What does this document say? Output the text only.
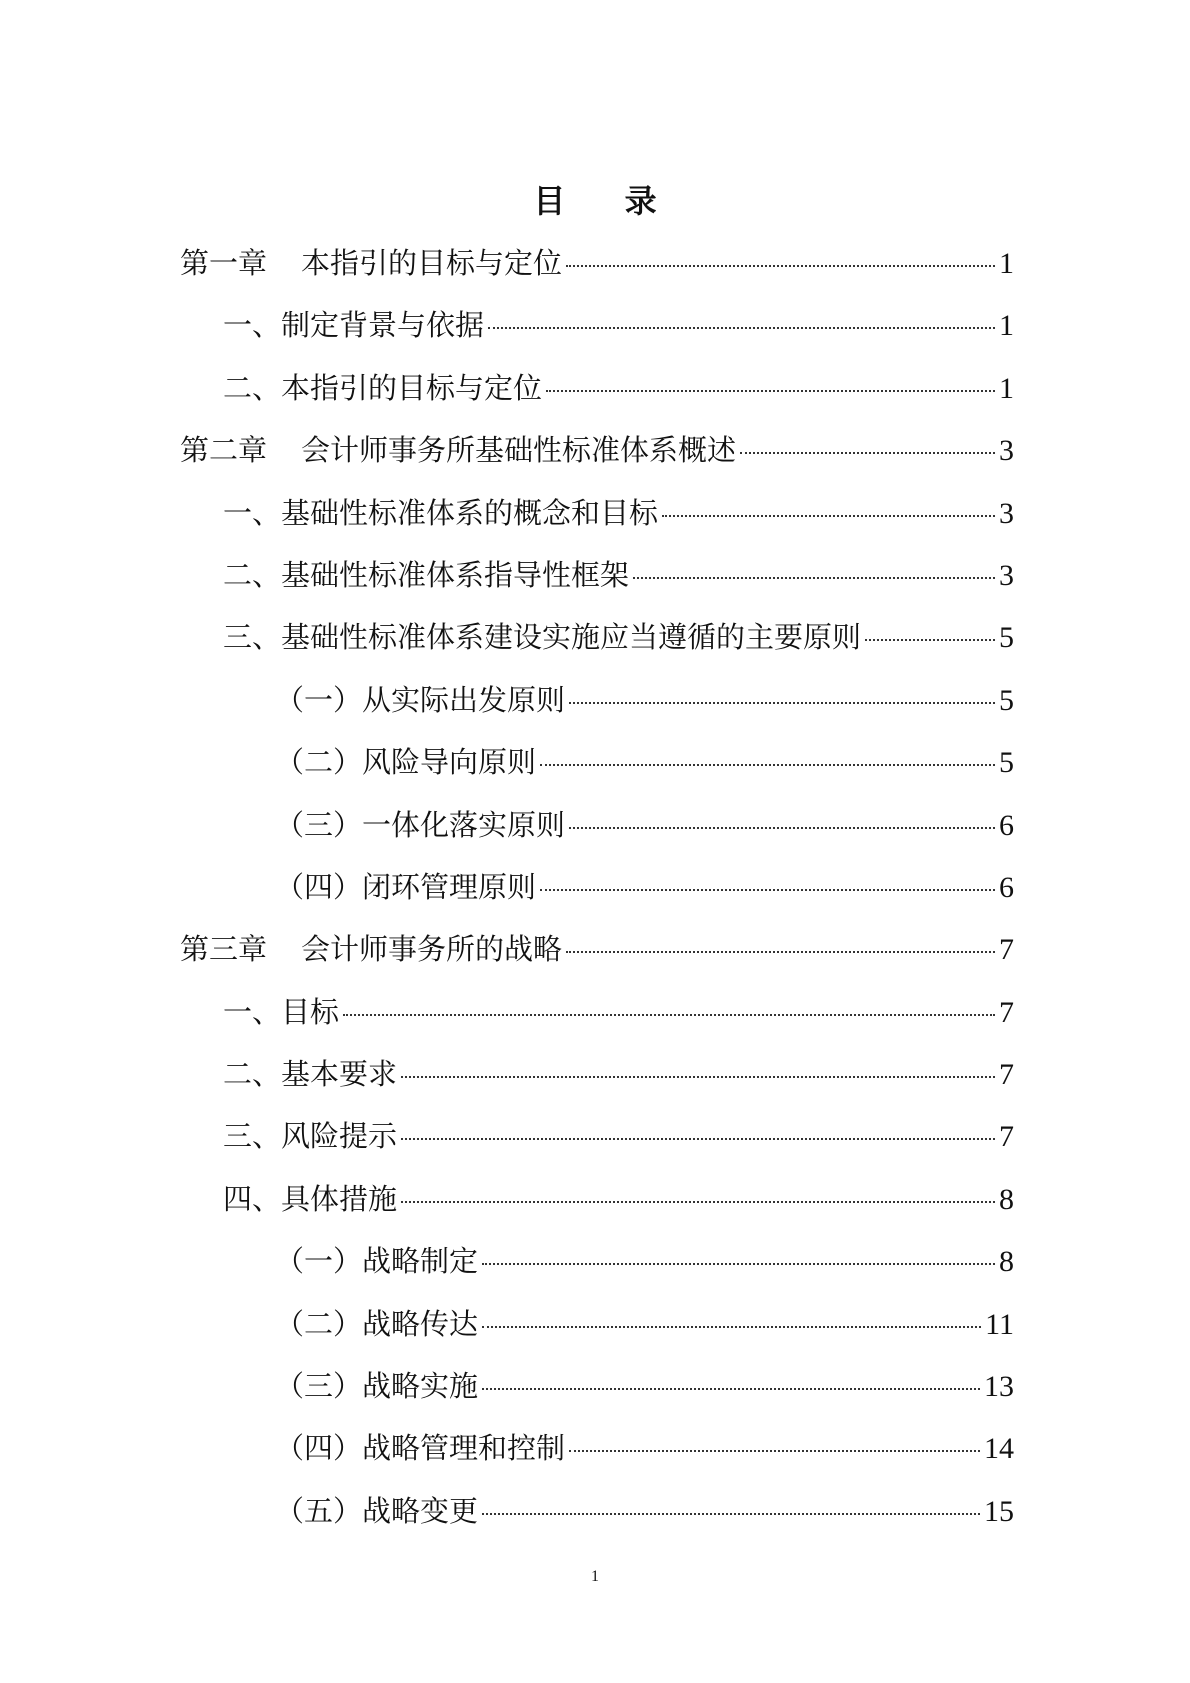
目 录
第一章 本指引的目标与定位	1
一、制定背景与依据	1
二、本指引的目标与定位	1
第二章 会计师事务所基础性标准体系概述	3
一、基础性标准体系的概念和目标	3
二、基础性标准体系指导性框架	3
三、基础性标准体系建设实施应当遵循的主要原则	5
（一）从实际出发原则	5
（二）风险导向原则	5
（三）一体化落实原则	6
（四）闭环管理原则	6
第三章 会计师事务所的战略	7
一、目标	7
二、基本要求	7
三、风险提示	7
四、具体措施	8
（一）战略制定	8
（二）战略传达	11
（三）战略实施	13
（四）战略管理和控制	14
（五）战略变更	15
1
